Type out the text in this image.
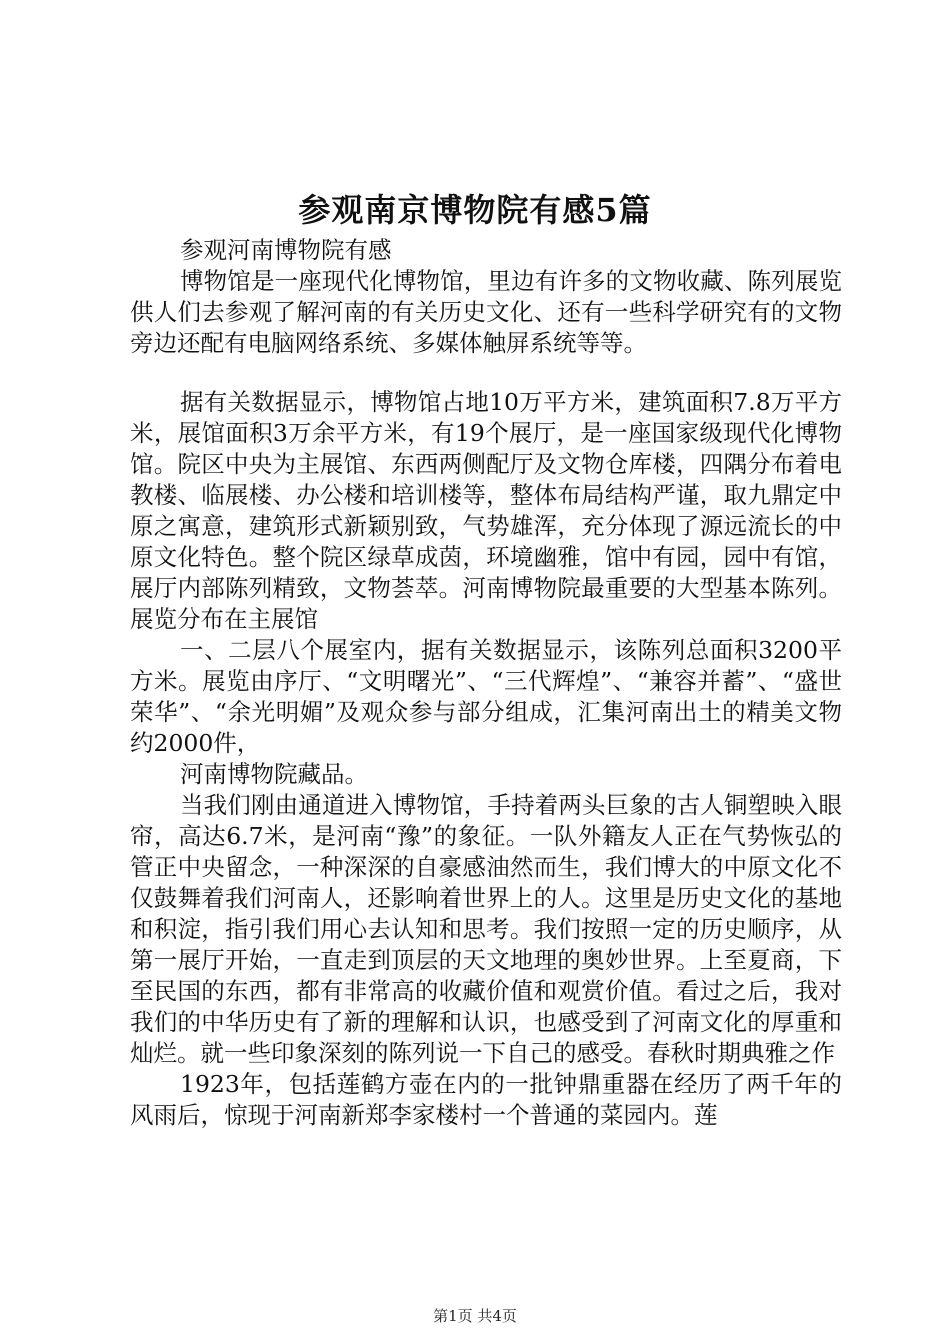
参观南京博物院有感5篇

参观河南博物院有感

博物馆是一座现代化博物馆，里边有许多的文物收藏、陈列展览供人们去参观了解河南的有关历史文化、还有一些科学研究有的文物旁边还配有电脑网络系统、多媒体触屏系统等等。

据有关数据显示，博物馆占地10万平方米，建筑面积7.8万平方米，展馆面积3万余平方米，有19个展厅，是一座国家级现代化博物馆。院区中央为主展馆、东西两侧配厅及文物仓库楼，四隅分布着电教楼、临展楼、办公楼和培训楼等，整体布局结构严谨，取九鼎定中原之寓意，建筑形式新颖别致，气势雄浑，充分体现了源远流长的中原文化特色。整个院区绿草成茵，环境幽雅，馆中有园，园中有馆，展厅内部陈列精致，文物荟萃。河南博物院最重要的大型基本陈列。展览分布在主展馆

一、二层八个展室内，据有关数据显示，该陈列总面积3200平方米。展览由序厅、“文明曙光”、“三代辉煌”、“兼容并蓄”、“盛世荣华”、“余光明媚”及观众参与部分组成，汇集河南出土的精美文物约2000件，

河南博物院藏品。

当我们刚由通道进入博物馆，手持着两头巨象的古人铜塑映入眼帘，高达6.7米，是河南“豫”的象征。一队外籍友人正在气势恢弘的管正中央留念，一种深深的自豪感油然而生，我们博大的中原文化不仅鼓舞着我们河南人，还影响着世界上的人。这里是历史文化的基地和积淀，指引我们用心去认知和思考。我们按照一定的历史顺序，从第一展厅开始，一直走到顶层的天文地理的奥妙世界。上至夏商，下至民国的东西，都有非常高的收藏价值和观赏价值。看过之后，我对我们的中华历史有了新的理解和认识，也感受到了河南文化的厚重和灿烂。就一些印象深刻的陈列说一下自己的感受。春秋时期典雅之作

1923年，包括莲鹤方壶在内的一批钟鼎重器在经历了两千年的风雨后，惊现于河南新郑李家楼村一个普通的菜园内。莲

第1页 共4页
